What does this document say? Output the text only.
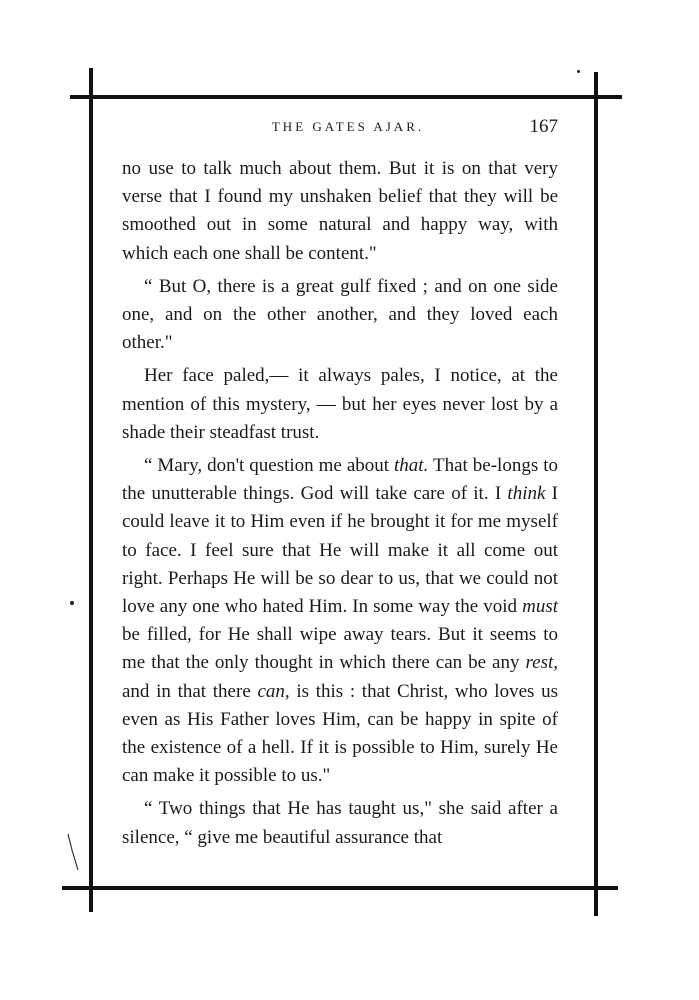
THE GATES AJAR.	167

no use to talk much about them. But it is on that very verse that I found my unshaken belief that they will be smoothed out in some natural and happy way, with which each one shall be content."

“ But O, there is a great gulf fixed ; and on one side one, and on the other another, and they loved each other."

Her face paled,— it always pales, I notice, at the mention of this mystery, — but her eyes never lost by a shade their steadfast trust.

“ Mary, don't question me about that. That be-longs to the unutterable things. God will take care of it. I think I could leave it to Him even if he brought it for me myself to face. I feel sure that He will make it all come out right. Perhaps He will be so dear to us, that we could not love any one who hated Him. In some way the void must be filled, for He shall wipe away tears. But it seems to me that the only thought in which there can be any rest, and in that there can, is this : that Christ, who loves us even as His Father loves Him, can be happy in spite of the existence of a hell. If it is possible to Him, surely He can make it possible to us."

“ Two things that He has taught us," she said after a silence, “ give me beautiful assurance that
